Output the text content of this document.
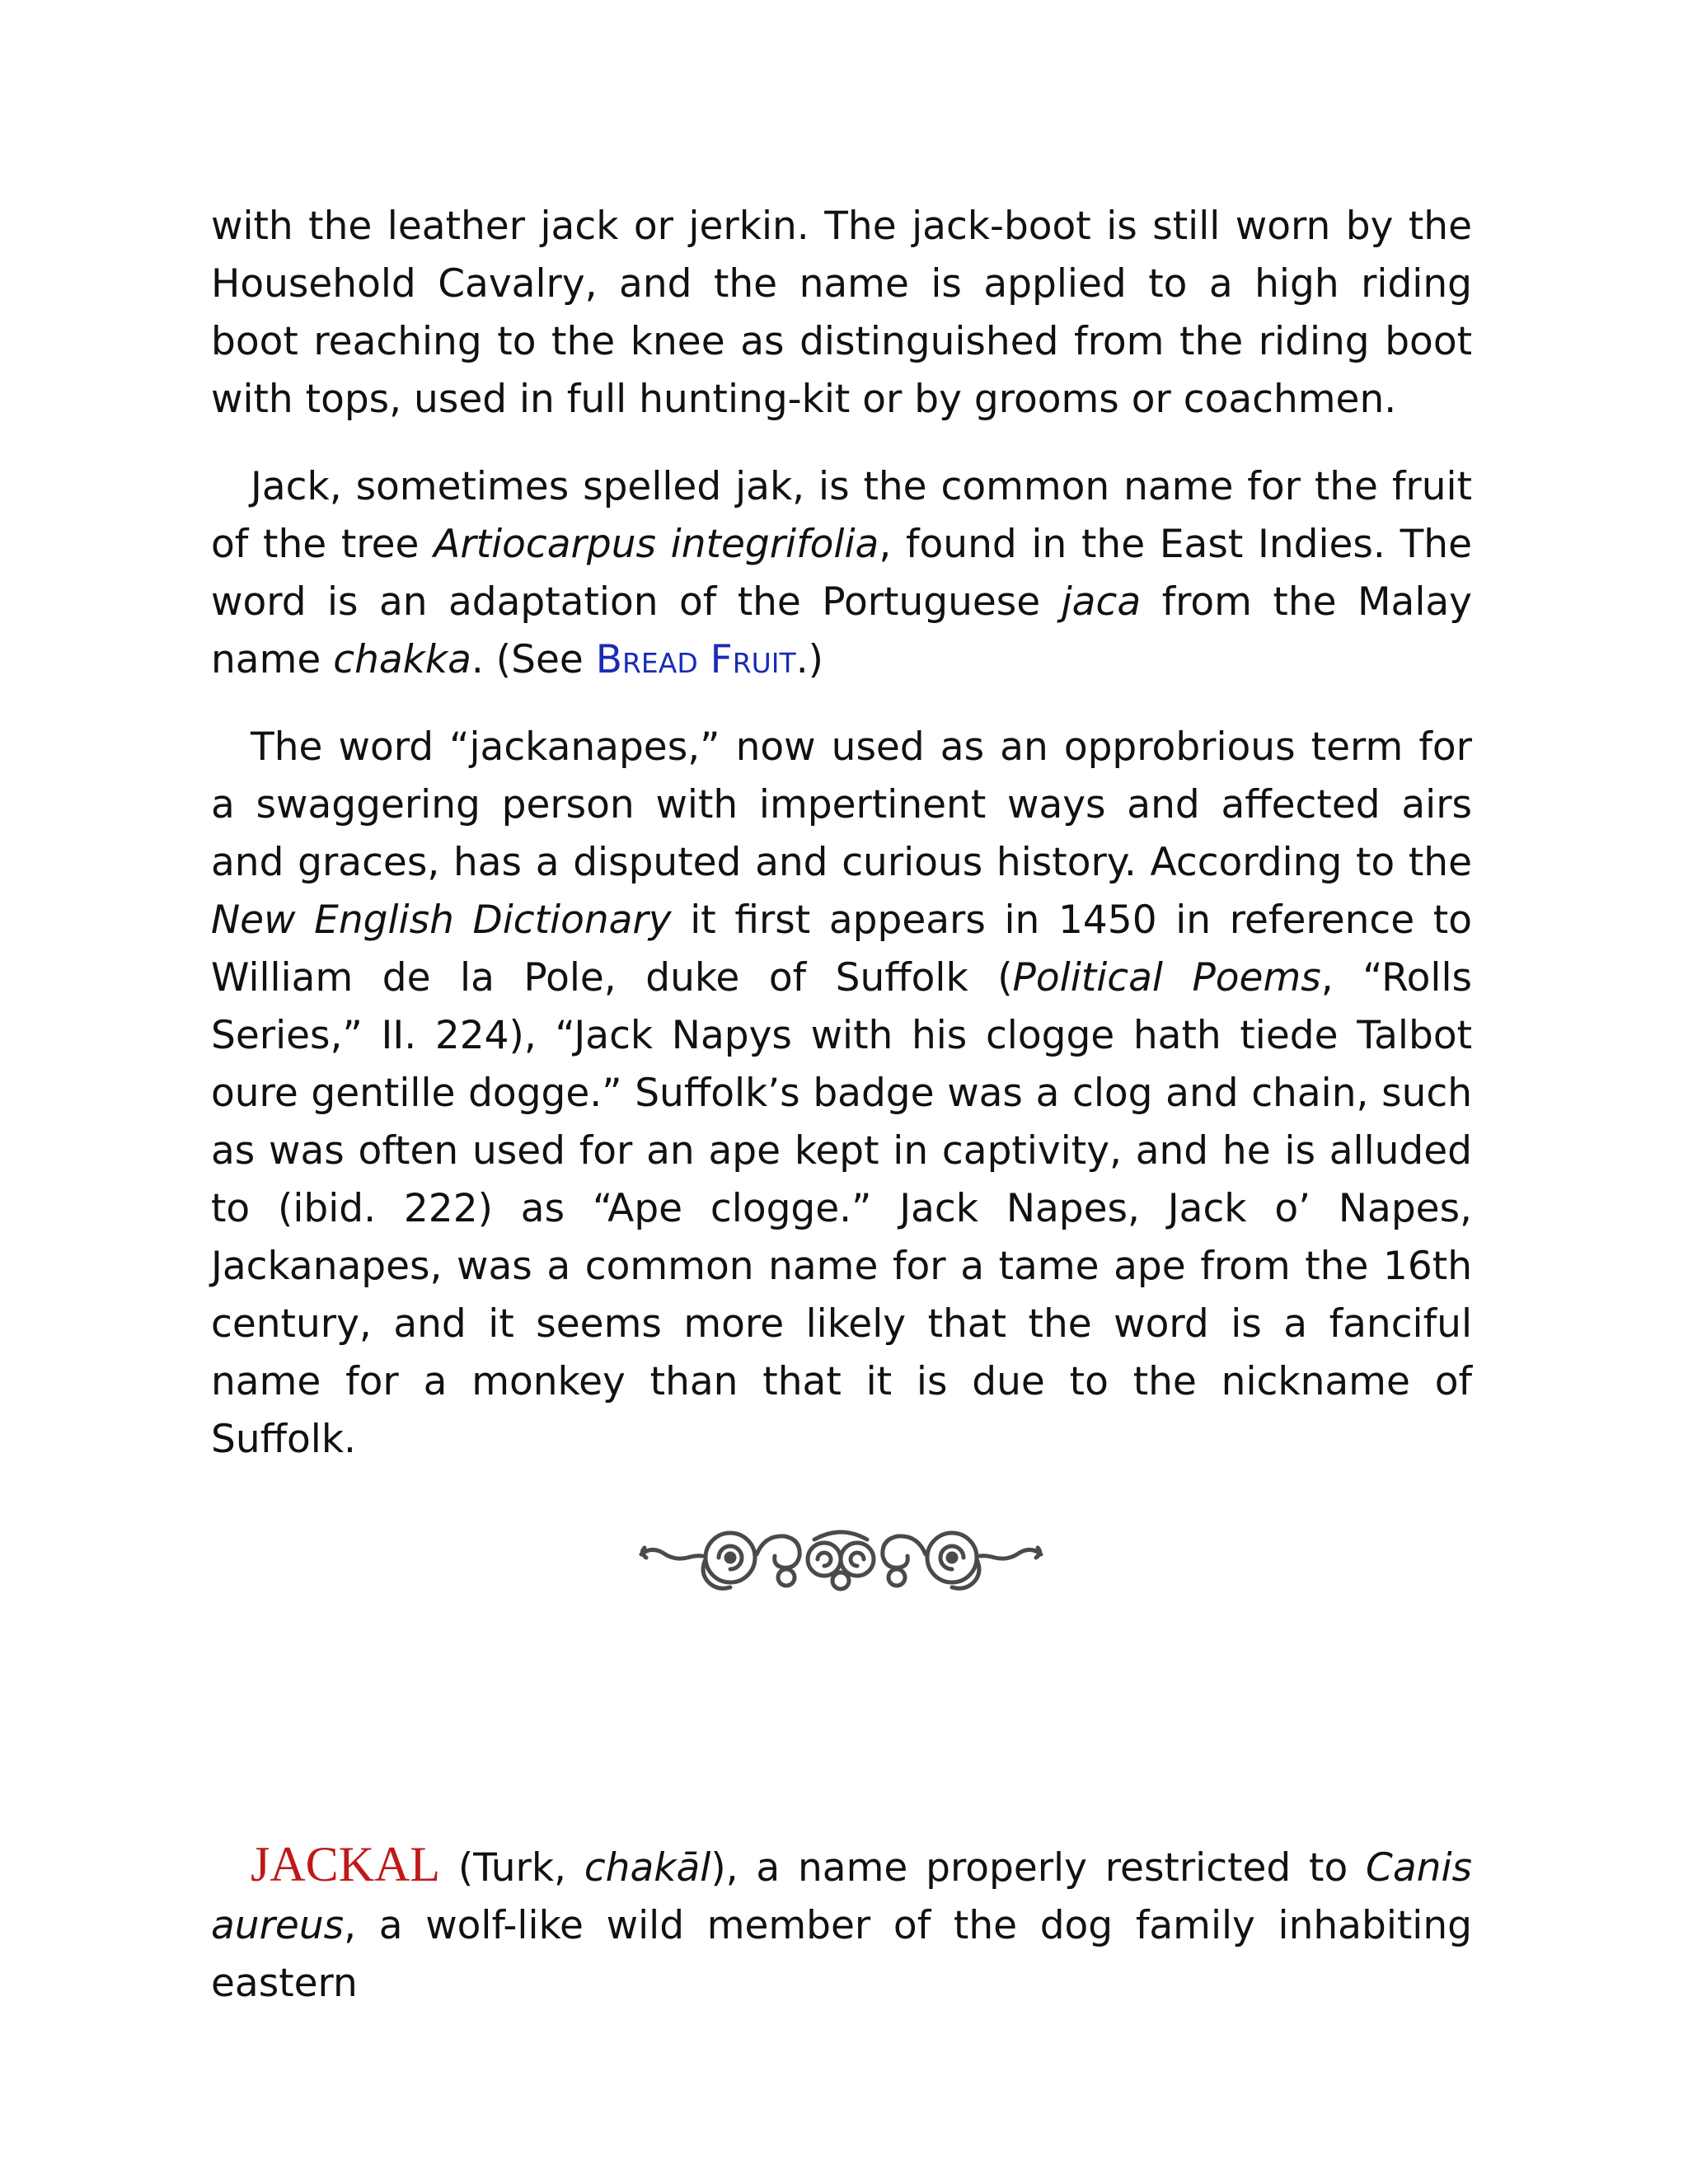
with the leather jack or jerkin. The jack-boot is still worn by the Household Cavalry, and the name is applied to a high riding boot reaching to the knee as distinguished from the riding boot with tops, used in full hunting-kit or by grooms or coachmen.

Jack, sometimes spelled jak, is the common name for the fruit of the tree Artiocarpus integrifolia, found in the East Indies. The word is an adaptation of the Portuguese jaca from the Malay name chakka. (See Bread Fruit.)

The word “jackanapes,” now used as an opprobrious term for a swaggering person with impertinent ways and affected airs and graces, has a disputed and curious history. According to the New English Dictionary it first appears in 1450 in reference to William de la Pole, duke of Suffolk (Political Poems, “Rolls Series,” II. 224), “Jack Napys with his clogge hath tiede Talbot oure gentille dogge.” Suffolk’s badge was a clog and chain, such as was often used for an ape kept in captivity, and he is alluded to (ibid. 222) as “Ape clogge.” Jack Napes, Jack o’ Napes, Jackanapes, was a common name for a tame ape from the 16th century, and it seems more likely that the word is a fanciful name for a monkey than that it is due to the nickname of Suffolk.

JACKAL (Turk, chakāl), a name properly restricted to Canis aureus, a wolf-like wild member of the dog family inhabiting eastern
